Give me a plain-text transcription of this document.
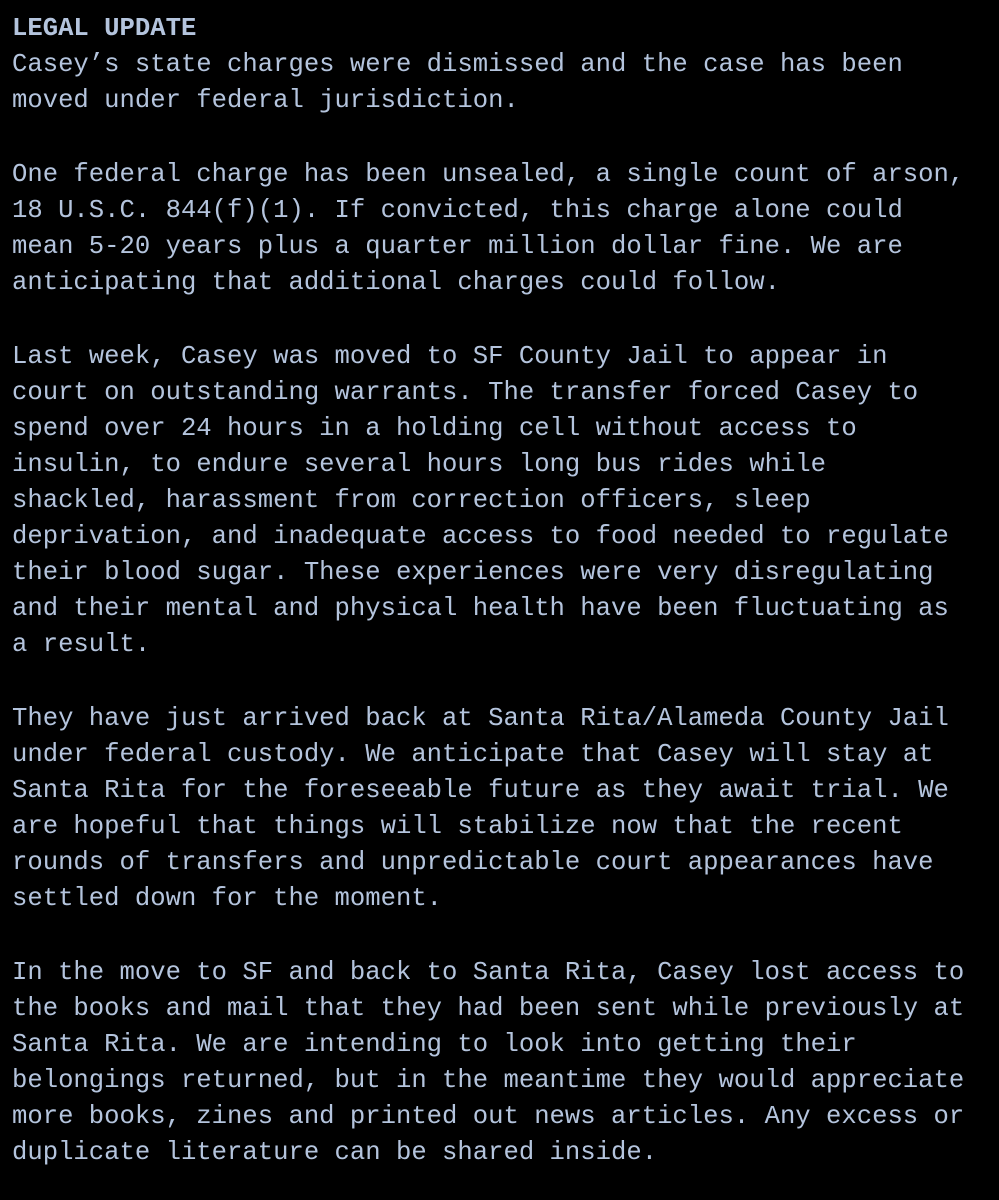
LEGAL UPDATE

Casey’s state charges were dismissed and the case has been

moved under federal jurisdiction.

One federal charge has been unsealed, a single count of arson,

18 U.S.C. 844(f)(1). If convicted, this charge alone could

mean 5-20 years plus a quarter million dollar fine. We are

anticipating that additional charges could follow.

Last week, Casey was moved to SF County Jail to appear in

court on outstanding warrants. The transfer forced Casey to

spend over 24 hours in a holding cell without access to

insulin, to endure several hours long bus rides while

shackled, harassment from correction officers, sleep

deprivation, and inadequate access to food needed to regulate

their blood sugar. These experiences were very disregulating

and their mental and physical health have been fluctuating as

a result.

They have just arrived back at Santa Rita/Alameda County Jail

under federal custody. We anticipate that Casey will stay at

Santa Rita for the foreseeable future as they await trial. We

are hopeful that things will stabilize now that the recent

rounds of transfers and unpredictable court appearances have

settled down for the moment.

In the move to SF and back to Santa Rita, Casey lost access to

the books and mail that they had been sent while previously at

Santa Rita. We are intending to look into getting their

belongings returned, but in the meantime they would appreciate

more books, zines and printed out news articles. Any excess or

duplicate literature can be shared inside.
